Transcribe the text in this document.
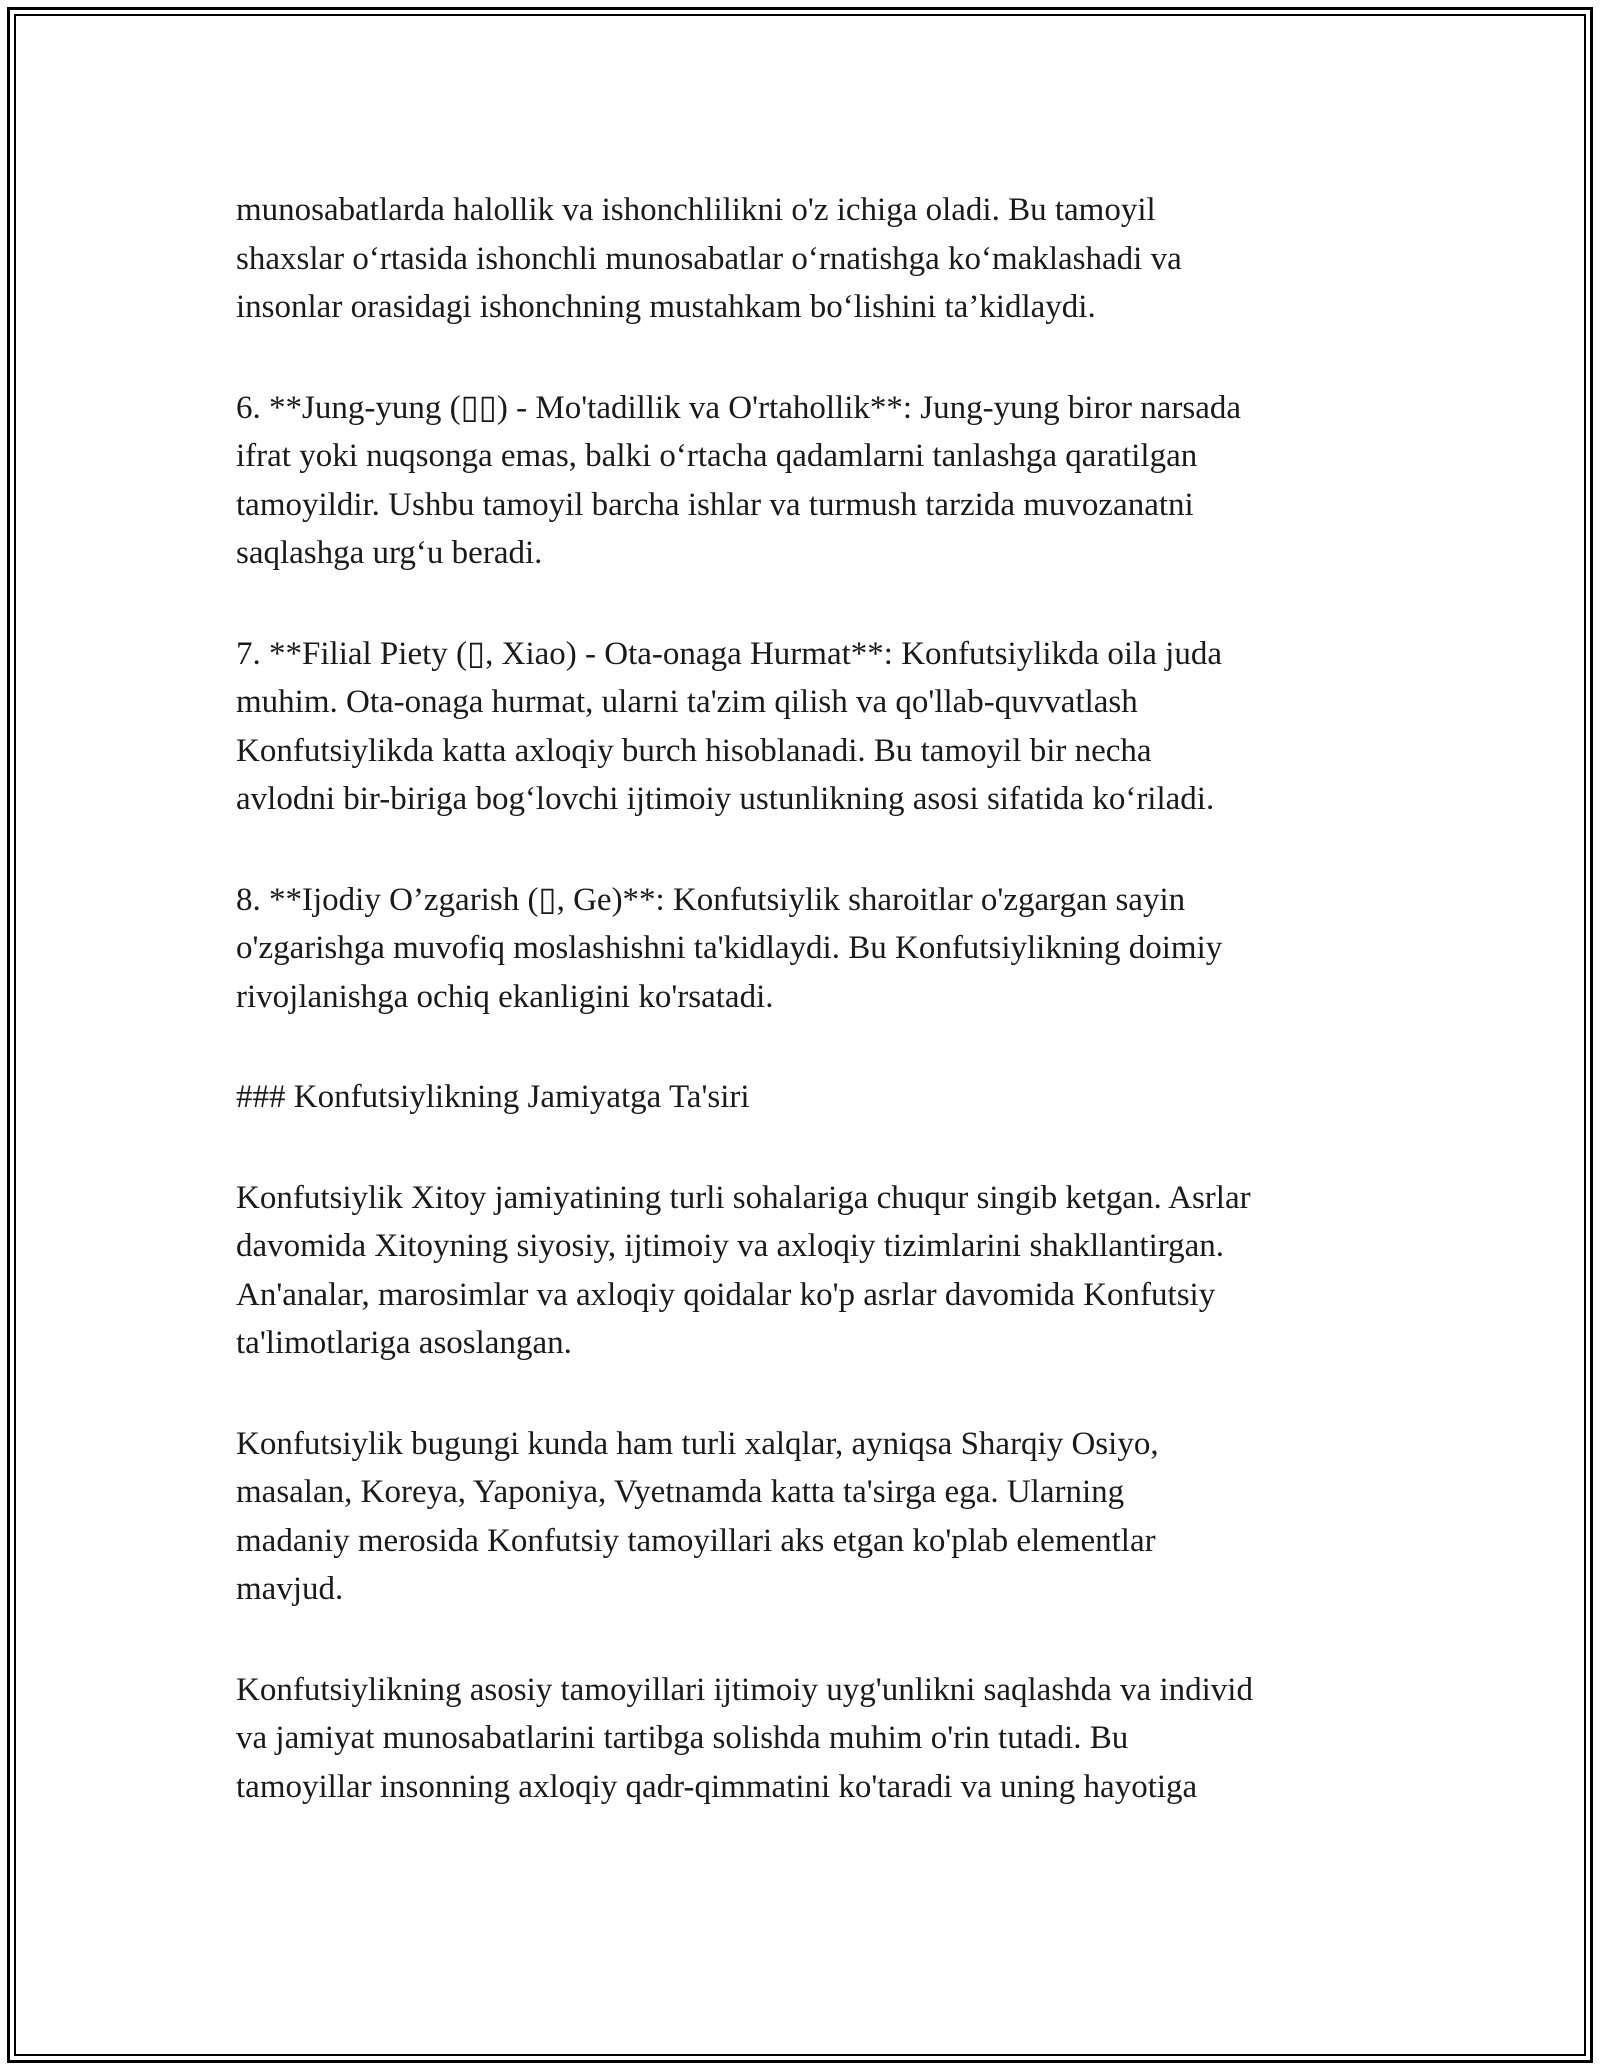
munosabatlarda halollik va ishonchlilikni o'z ichiga oladi. Bu tamoyil
shaxslar o‘rtasida ishonchli munosabatlar o‘rnatishga ko‘maklashadi va
insonlar orasidagi ishonchning mustahkam bo‘lishini ta’kidlaydi.

6. **Jung-yung (▯▯) - Mo'tadillik va O'rtahollik**: Jung-yung biror narsada
ifrat yoki nuqsonga emas, balki o‘rtacha qadamlarni tanlashga qaratilgan
tamoyildir. Ushbu tamoyil barcha ishlar va turmush tarzida muvozanatni
saqlashga urg‘u beradi.

7. **Filial Piety (▯, Xiao) - Ota-onaga Hurmat**: Konfutsiylikda oila juda
muhim. Ota-onaga hurmat, ularni ta'zim qilish va qo'llab-quvvatlash
Konfutsiylikda katta axloqiy burch hisoblanadi. Bu tamoyil bir necha
avlodni bir-biriga bog‘lovchi ijtimoiy ustunlikning asosi sifatida ko‘riladi.

8. **Ijodiy O’zgarish (▯, Ge)**: Konfutsiylik sharoitlar o'zgargan sayin
o'zgarishga muvofiq moslashishni ta'kidlaydi. Bu Konfutsiylikning doimiy
rivojlanishga ochiq ekanligini ko'rsatadi.

### Konfutsiylikning Jamiyatga Ta'siri

Konfutsiylik Xitoy jamiyatining turli sohalariga chuqur singib ketgan. Asrlar
davomida Xitoyning siyosiy, ijtimoiy va axloqiy tizimlarini shakllantirgan.
An'analar, marosimlar va axloqiy qoidalar ko'p asrlar davomida Konfutsiy
ta'limotlariga asoslangan.

Konfutsiylik bugungi kunda ham turli xalqlar, ayniqsa Sharqiy Osiyo,
masalan, Koreya, Yaponiya, Vyetnamda katta ta'sirga ega. Ularning
madaniy merosida Konfutsiy tamoyillari aks etgan ko'plab elementlar
mavjud.

Konfutsiylikning asosiy tamoyillari ijtimoiy uyg'unlikni saqlashda va individ
va jamiyat munosabatlarini tartibga solishda muhim o'rin tutadi. Bu
tamoyillar insonning axloqiy qadr-qimmatini ko'taradi va uning hayotiga
